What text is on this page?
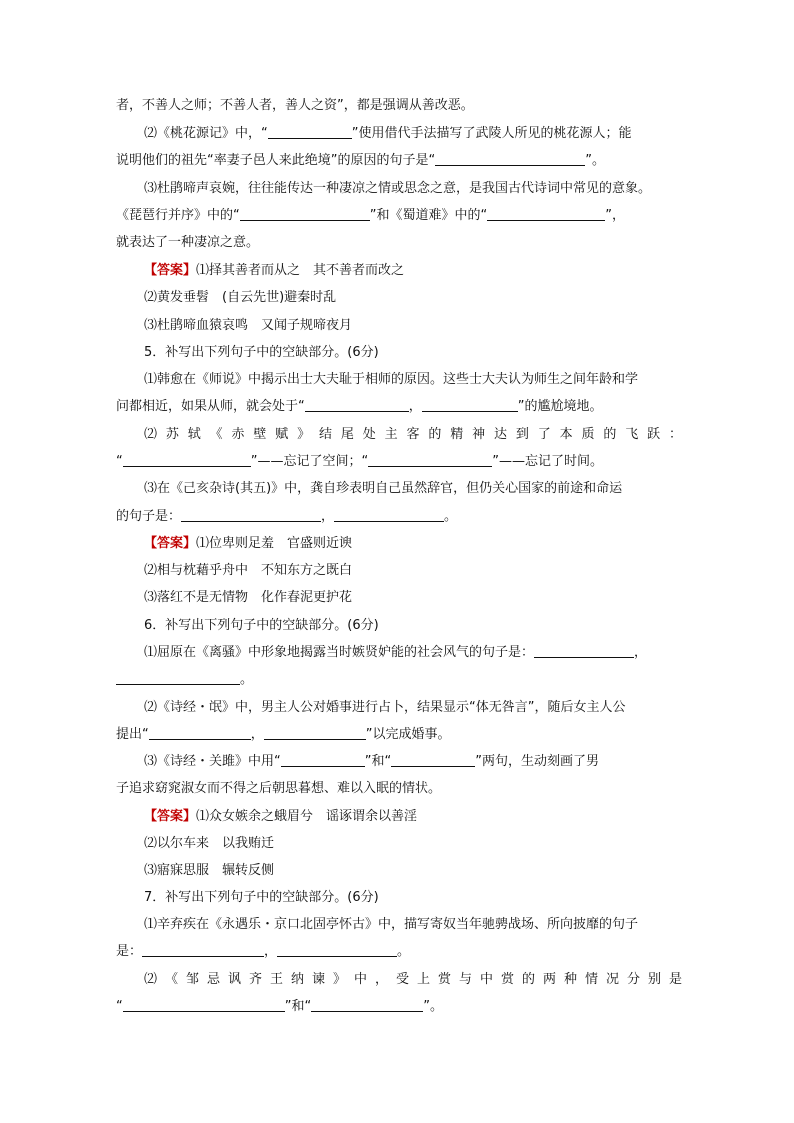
者，不善人之师；不善人者，善人之资”，都是强调从善改恶。
⑵《桃花源记》中，“	”使用借代手法描写了武陵人所见的桃花源人；能
说明他们的祖先“率妻子邑人来此绝境”的原因的句子是“	”。
⑶杜鹃啼声哀婉，往往能传达一种凄凉之情或思念之意，是我国古代诗词中常见的意象。
《琵琶行并序》中的“	”和《蜀道难》中的“	”，
就表达了一种凄凉之意。
【答案】⑴择其善者而从之　其不善者而改之
⑵黄发垂髫　(自云先世)避秦时乱
⑶杜鹃啼血猿哀鸣　又闻子规啼夜月
5．补写出下列句子中的空缺部分。(6分)
⑴韩愈在《师说》中揭示出士大夫耻于相师的原因。这些士大夫认为师生之间年龄和学
问都相近，如果从师，就会处于“	，	”的尴尬境地。
⑵ 苏 轼 《 赤 壁 赋 》 结 尾 处 主 客 的 精 神 达 到 了 本 质 的 飞 跃 ：
“	”——忘记了空间；“	”——忘记了时间。
⑶在《己亥杂诗(其五)》中，龚自珍表明自己虽然辞官，但仍关心国家的前途和命运
的句子是：	，	。
【答案】⑴位卑则足羞　官盛则近谀
⑵相与枕藉乎舟中　不知东方之既白
⑶落红不是无情物　化作春泥更护花
6．补写出下列句子中的空缺部分。(6分)
⑴屈原在《离骚》中形象地揭露当时嫉贤妒能的社会风气的句子是：	，
。
⑵《诗经・氓》中，男主人公对婚事进行占卜，结果显示“体无咎言”，随后女主人公
提出“	，	”以完成婚事。
⑶《诗经・关雎》中用“	”和“	”两句，生动刻画了男
子追求窈窕淑女而不得之后朝思暮想、难以入眠的情状。
【答案】⑴众女嫉余之蛾眉兮　谣诼谓余以善淫
⑵以尔车来　以我贿迁
⑶寤寐思服　辗转反侧
7．补写出下列句子中的空缺部分。(6分)
⑴辛弃疾在《永遇乐・京口北固亭怀古》中，描写寄奴当年驰骋战场、所向披靡的句子
是：	，	。
⑵ 《 邹 忌 讽 齐 王 纳 谏 》 中 ， 受 上 赏 与 中 赏 的 两 种 情 况 分 别 是
“	”和“	”。
